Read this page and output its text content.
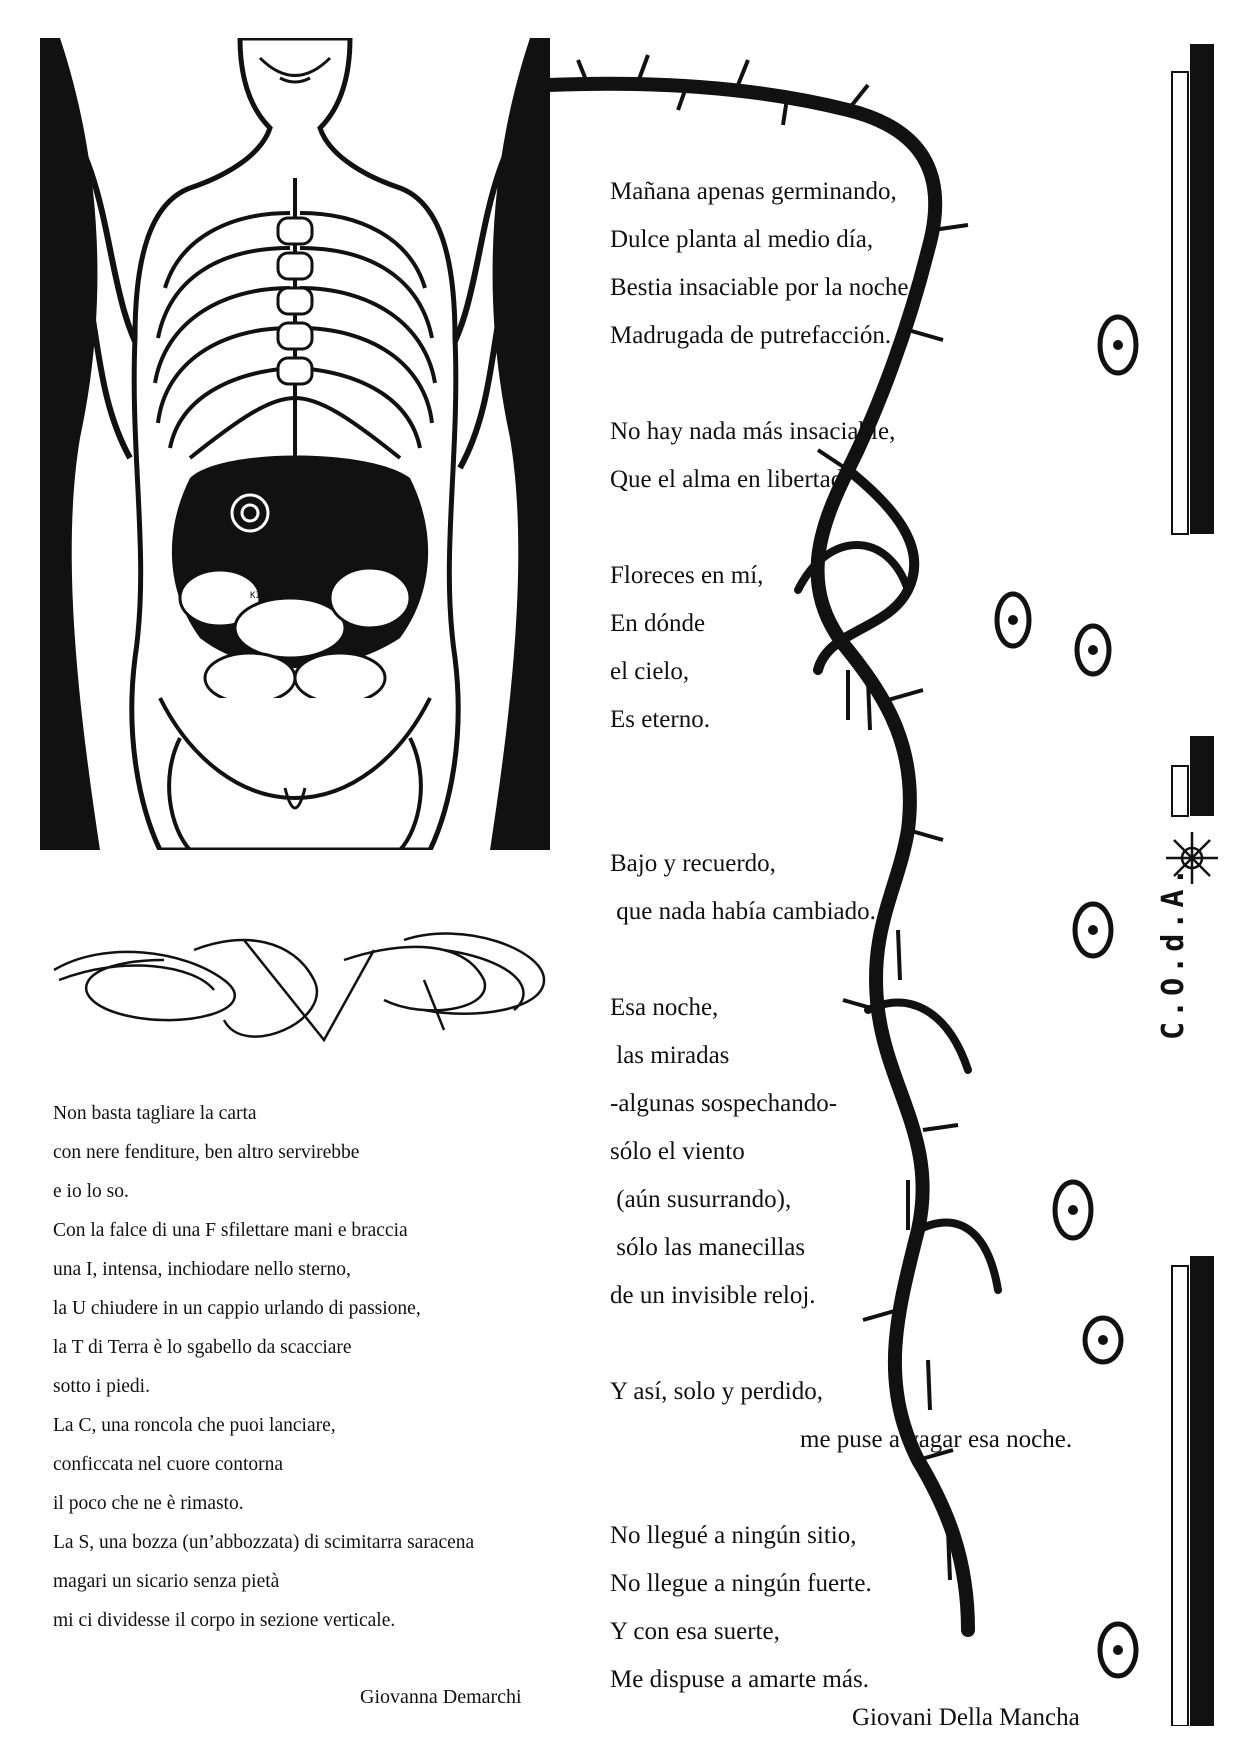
KIRW SAAS
C.O.d.A.
Mañana apenas germinando,
Dulce planta al medio día,
Bestia insaciable por la noche,
Madrugada de putrefacción.
No hay nada más insaciable,
Que el alma en libertad.
Floreces en mí,
En dónde
el cielo,
Es eterno.
Bajo y recuerdo,
que nada había cambiado.
Esa noche,
las miradas
-algunas sospechando-
sólo el viento
(aún susurrando),
sólo las manecillas
de un invisible reloj.
Y así, solo y perdido,
me puse a vagar esa noche.
No llegué a ningún sitio,
No llegue a ningún fuerte.
Y con esa suerte,
Me dispuse a amarte más.
Non basta tagliare la carta
con nere fenditure, ben altro servirebbe
e io lo so.
Con la falce di una F sfilettare mani e braccia
una I, intensa, inchiodare nello sterno,
la U chiudere in un cappio urlando di passione,
la T di Terra è lo sgabello da scacciare
sotto i piedi.
La C, una roncola che puoi lanciare,
conficcata nel cuore contorna
il poco che ne è rimasto.
La S, una bozza (un’abbozzata) di scimitarra saracena
magari un sicario senza pietà
mi ci dividesse il corpo in sezione verticale.
Giovanna Demarchi
Giovani Della Mancha
